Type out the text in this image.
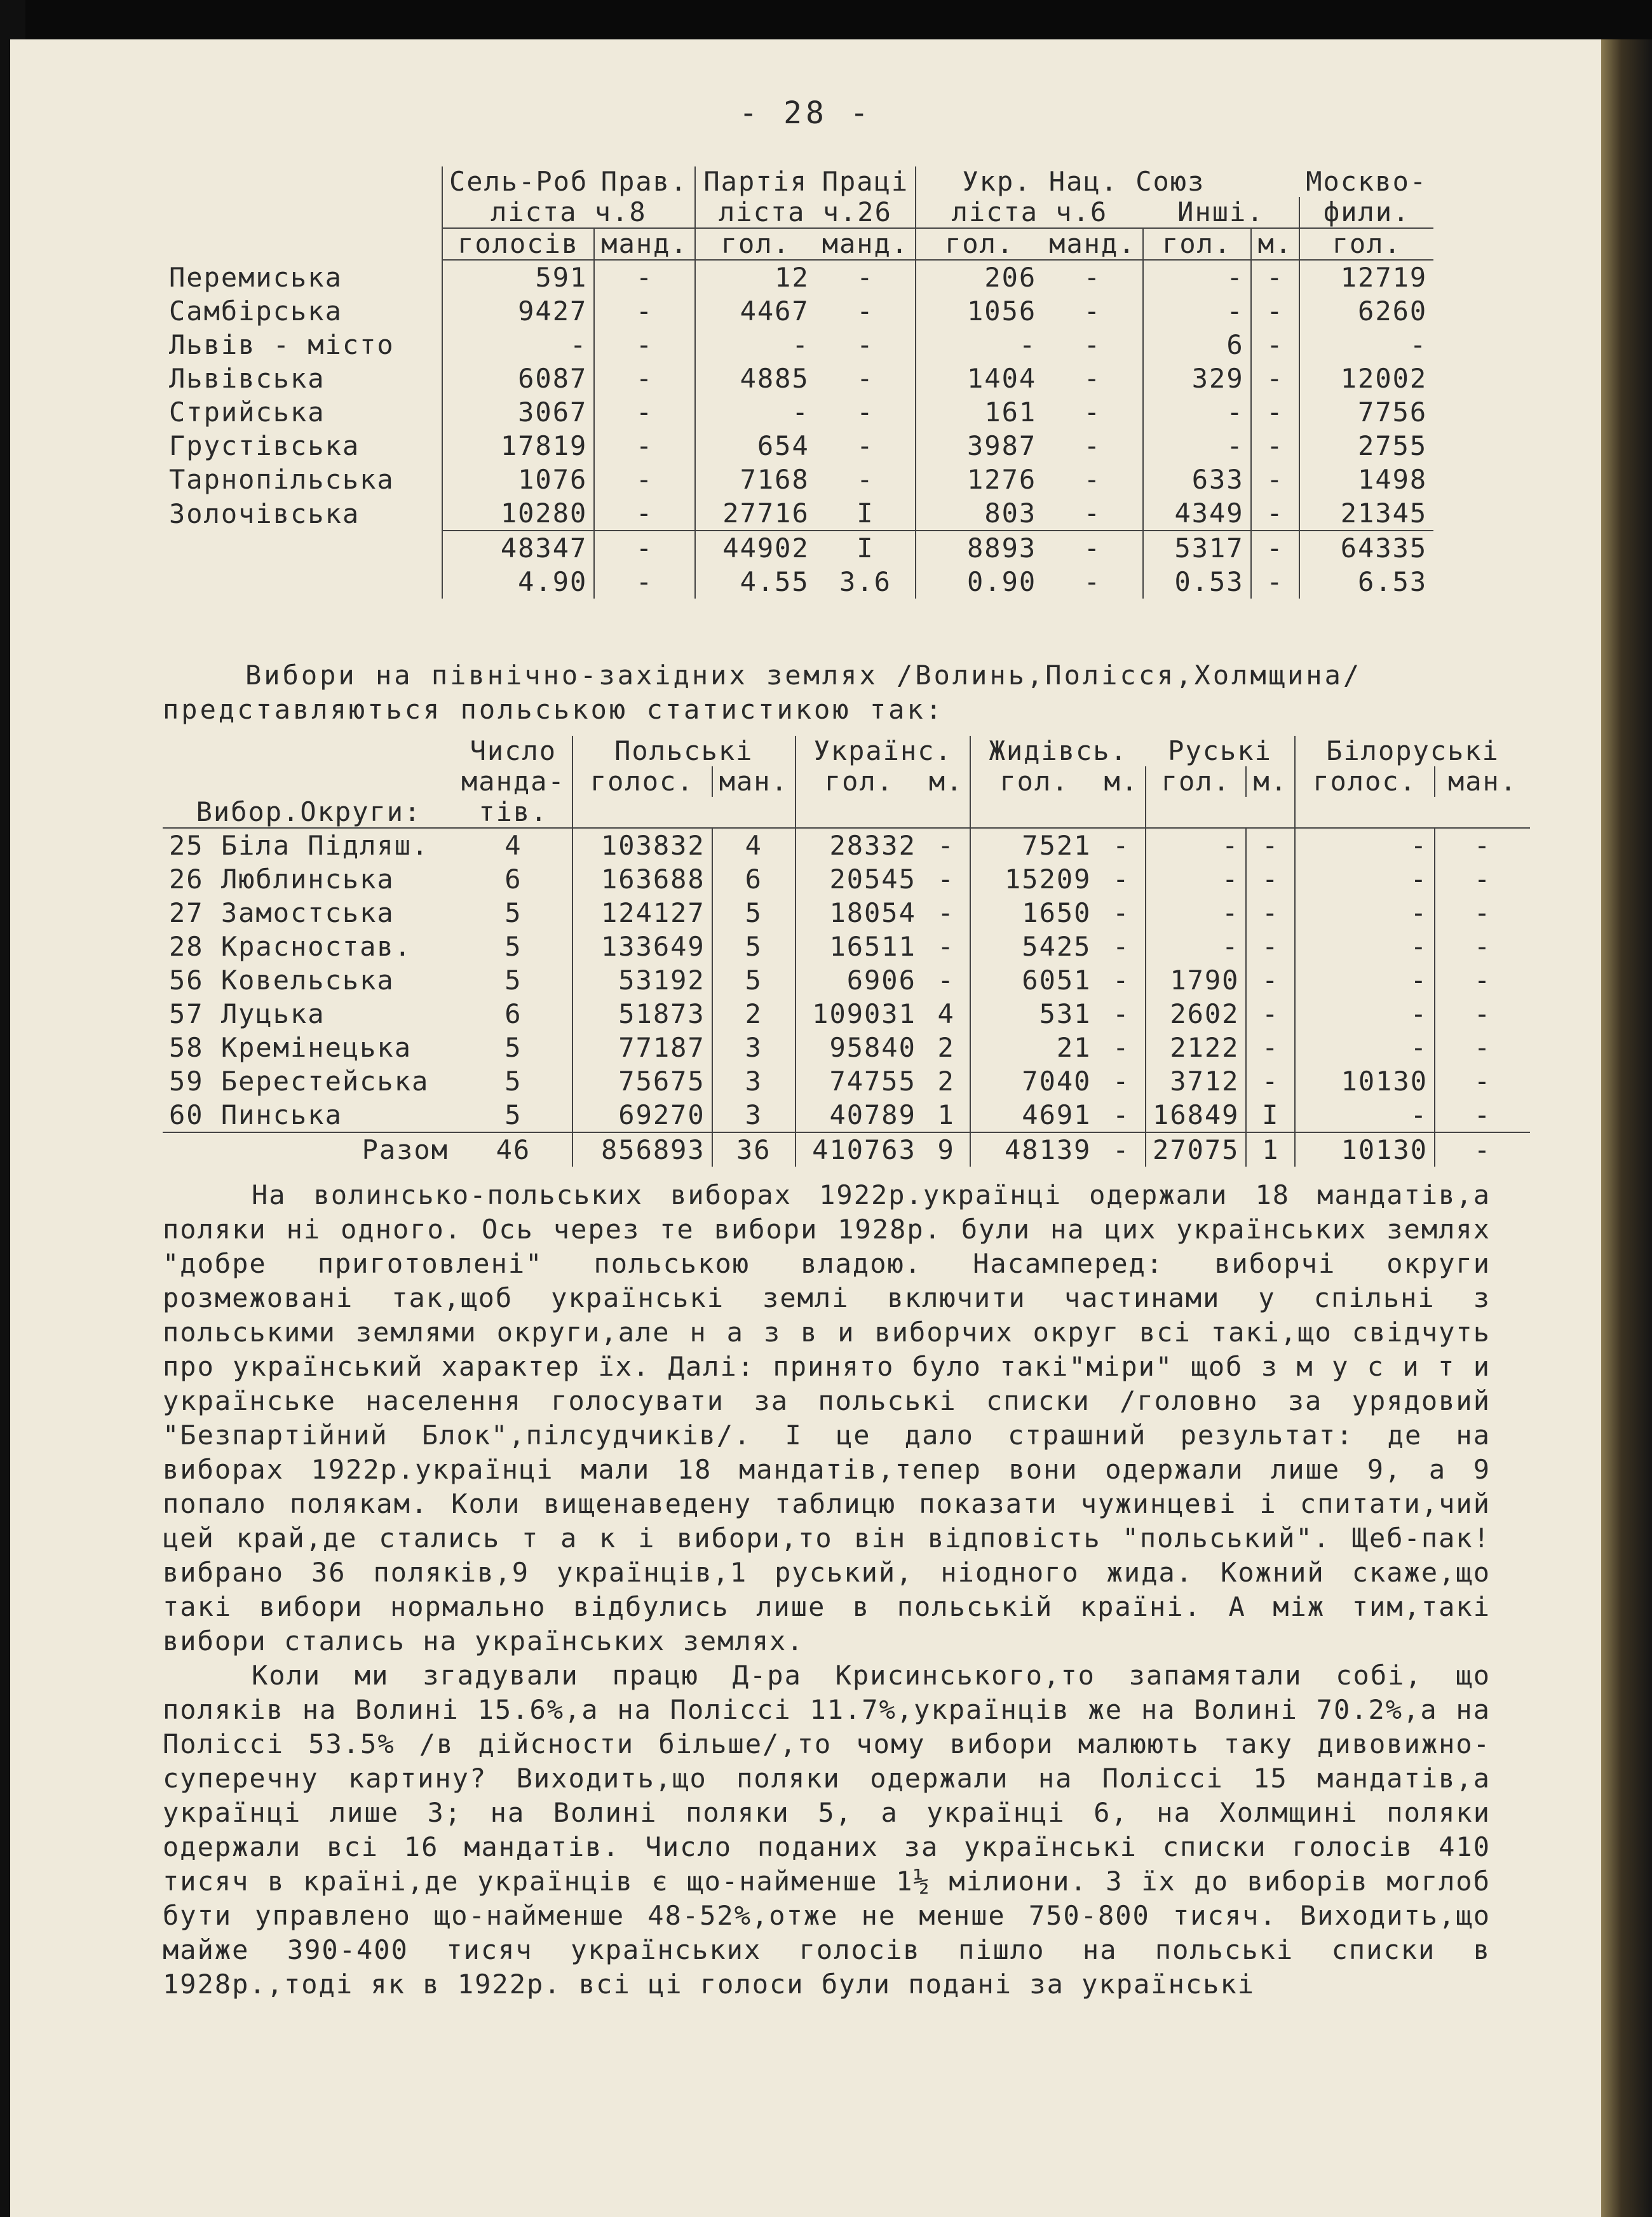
- 28 -
	Сель-Роб	Прав.	Партія	Праці	Укр. Нац. Союз				Москво-
	ліста ч.8		ліста ч.26		ліста ч.6		Инші.		фили.
	голосів	манд.	гол.	манд.	гол.	манд.	гол.	м.	гол.
Перемиська	591	-	12	-	206	-	-	-	12719
Самбірська	9427	-	4467	-	1056	-	-	-	6260
Львів - місто	-	-	-	-	-	-	6	-	-
Львівська	6087	-	4885	-	1404	-	329	-	12002
Стрийська	3067	-	-	-	161	-	-	-	7756
Грустівська	17819	-	654	-	3987	-	-	-	2755
Тарнопільська	1076	-	7168	-	1276	-	633	-	1498
Золочівська	10280	-	27716	I	803	-	4349	-	21345
	48347	-	44902	I	8893	-	5317	-	64335
	4.90	-	4.55	3.6	0.90	-	0.53	-	6.53
Вибори на північно-західних землях /Волинь,Полісся,Холмщина/
представляються польською статистикою так:
	Число	Польські		Українс.		Жидівсь.		Руські		Білоруські	
	манда-	голос.	ман.	гол.	м.	гол.	м.	гол.	м.	голос.	ман.
Вибор.Округи:	тів.										
25 Біла Підляш.	4	103832	4	28332	-	7521	-	-	-	-	-
26 Люблинська	6	163688	6	20545	-	15209	-	-	-	-	-
27 Замостська	5	124127	5	18054	-	1650	-	-	-	-	-
28 Красностав.	5	133649	5	16511	-	5425	-	-	-	-	-
56 Ковельська	5	53192	5	6906	-	6051	-	1790	-	-	-
57 Луцька	6	51873	2	109031	4	531	-	2602	-	-	-
58 Кремінецька	5	77187	3	95840	2	21	-	2122	-	-	-
59 Берестейська	5	75675	3	74755	2	7040	-	3712	-	10130	-
60 Пинська	5	69270	3	40789	1	4691	-	16849	I	-	-
Разом	46	856893	36	410763	9	48139	-	27075	1	10130	-

На волинсько-польських виборах 1922р.українці одержали 18 мандатів,а поляки ні одного. Ось через те вибори 1928р. були на цих українських землях "добре приготовлені" польською владою. Насамперед: виборчі округи розмежовані так,щоб українські землі включити частинами у спільні з польськими землями округи,але н а з в и виборчих округ всі такі,що свідчуть про український характер їх. Далі: принято було такі"міри" щоб з м у с и т и українське населення голосувати за польські списки /головно за урядовий "Безпартійний Блок",пілсудчиків/. І це дало страшний результат: де на виборах 1922р.українці мали 18 мандатів,тепер вони одержали лише 9, а 9 попало полякам. Коли вищенаведену таблицю показати чужинцеві і спитати,чий цей край,де стались т а к і вибори,то він відповість "польський". Щеб-пак! вибрано 36 поляків,9 українців,1 руський, ніодного жида. Кожний скаже,що такі вибори нормально відбулись лише в польській країні. А між тим,такі вибори стались на українських землях.

Коли ми згадували працю Д-ра Крисинського,то запамятали собі, що поляків на Волині 15.6%,а на Поліссі 11.7%,українців же на Волині 70.2%,а на Поліссі 53.5% /в дійсности більше/,то чому вибори малюють таку дивовижно-суперечну картину? Виходить,що поляки одержали на Поліссі 15 мандатів,а українці лише 3; на Волині поляки 5, а українці 6, на Холмщині поляки одержали всі 16 мандатів. Число поданих за українські списки голосів 410 тисяч в країні,де українців є що-найменше 1½ мілиони. З їх до виборів моглоб бути управлено що-найменше 48-52%,отже не менше 750-800 тисяч. Виходить,що майже 390-400 тисяч українських голосів пішло на польські списки в 1928р.,тоді як в 1922р. всі ці голоси були подані за українські
